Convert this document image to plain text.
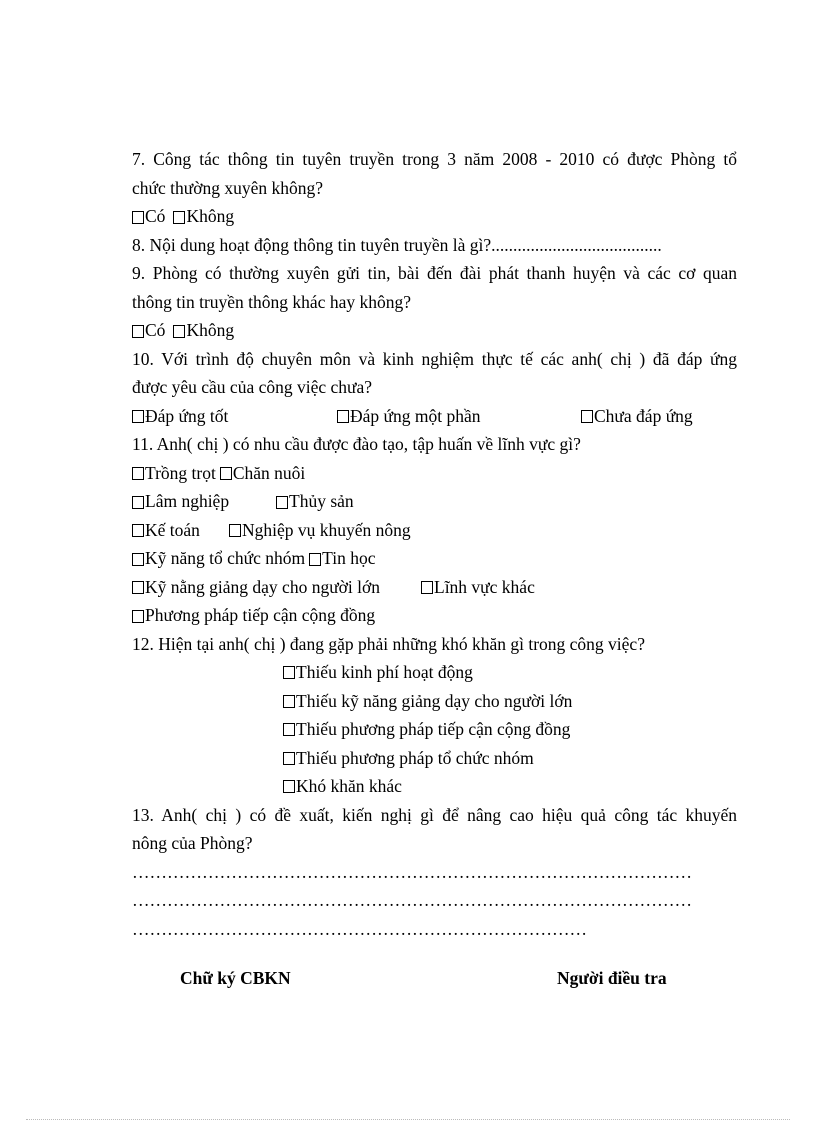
7. Công tác thông tin tuyên truyền trong 3 năm 2008 - 2010 có được Phòng tổ
chức thường xuyên không?
Có Không
8. Nội dung hoạt động thông tin tuyên truyền là gì?.......................................
9. Phòng có thường xuyên gửi tin, bài đến đài phát thanh huyện và các cơ quan
thông tin truyền thông khác hay không?
Có Không
10. Với trình độ chuyên môn và kinh nghiệm thực tế các anh( chị ) đã đáp ứng
được yêu cầu của công việc chưa?
Đáp ứng tốt	Đáp ứng một phần	Chưa đáp ứng
11. Anh( chị ) có nhu cầu được đào tạo, tập huấn về lĩnh vực gì?
Trồng trọt Chăn nuôi
Lâm nghiệp	Thủy sản
Kế toán Nghiệp vụ khuyến nông
Kỹ năng tổ chức nhóm Tin học
Kỹ nằng giảng dạy cho người lớn	Lĩnh vực khác
Phương pháp tiếp cận cộng đồng
12. Hiện tại anh( chị ) đang gặp phải những khó khăn gì trong công việc?
Thiếu kinh phí hoạt động
Thiếu kỹ năng giảng dạy cho người lớn
Thiếu phương pháp tiếp cận cộng đồng
Thiếu phương pháp tổ chức nhóm
Khó khăn khác
13. Anh( chị ) có đề xuất, kiến nghị gì để nâng cao hiệu quả công tác khuyến
nông của Phòng?
……………………………………………………………………………………
……………………………………………………………………………………
……………………………………………………………………
Chữ ký CBKN	Người điều tra
